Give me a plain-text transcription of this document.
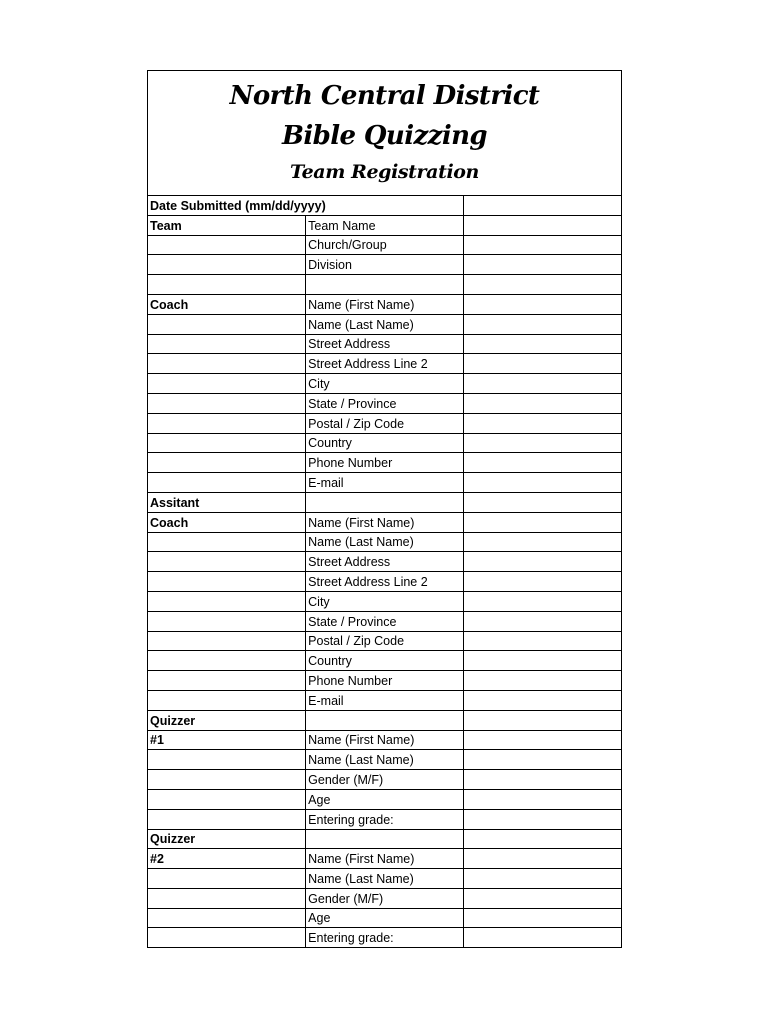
North Central District
Bible Quizzing
Team Registration
Date Submitted (mm/dd/yyyy)		
Team	Team Name	
	Church/Group	
	Division	

Coach	Name (First Name)	
	Name (Last Name)	
	Street Address	
	Street Address Line 2	
	City	
	State / Province	
	Postal / Zip Code	
	Country	
	Phone Number	
	E-mail	
Assitant		
Coach	Name (First Name)	
	Name (Last Name)	
	Street Address	
	Street Address Line 2	
	City	
	State / Province	
	Postal / Zip Code	
	Country	
	Phone Number	
	E-mail	
Quizzer		
#1	Name (First Name)	
	Name (Last Name)	
	Gender (M/F)	
	Age	
	Entering grade:	
Quizzer		
#2	Name (First Name)	
	Name (Last Name)	
	Gender (M/F)	
	Age	
	Entering grade:	
